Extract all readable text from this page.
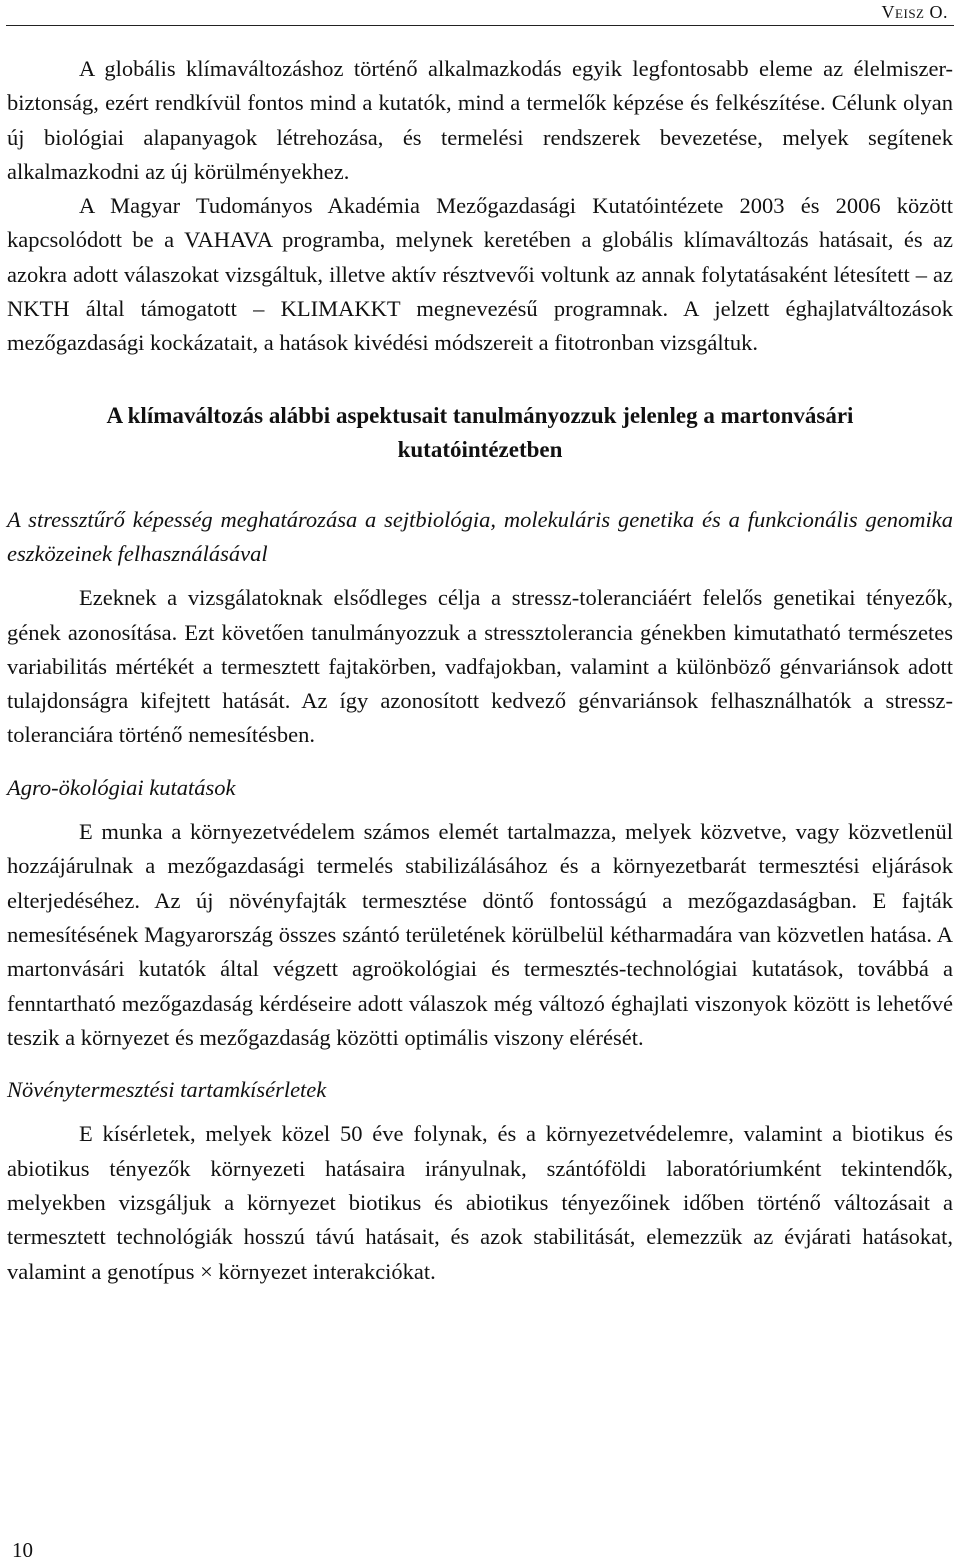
Veisz O.

A globális klímaváltozáshoz történő alkalmazkodás egyik legfontosabb eleme az élelmiszer-biztonság, ezért rendkívül fontos mind a kutatók, mind a termelők képzése és felkészítése. Célunk olyan új biológiai alapanyagok létrehozása, és termelési rendszerek bevezetése, melyek segítenek alkalmazkodni az új körülményekhez.

A Magyar Tudományos Akadémia Mezőgazdasági Kutatóintézete 2003 és 2006 között kapcsolódott be a VAHAVA programba, melynek keretében a globális klímaváltozás hatásait, és az azokra adott válaszokat vizsgáltuk, illetve aktív résztvevői voltunk az annak folytatásaként létesített – az NKTH által támogatott – KLIMAKKT megnevezésű programnak. A jelzett éghajlatváltozások mezőgazdasági kockázatait, a hatások kivédési módszereit a fitotronban vizsgáltuk.

A klímaváltozás alábbi aspektusait tanulmányozzuk jelenleg a martonvásári kutatóintézetben

A stressztűrő képesség meghatározása a sejtbiológia, molekuláris genetika és a funkcionális genomika eszközeinek felhasználásával

Ezeknek a vizsgálatoknak elsődleges célja a stressz-toleranciáért felelős genetikai tényezők, gének azonosítása. Ezt követően tanulmányozzuk a stressztolerancia génekben kimutatható természetes variabilitás mértékét a termesztett fajtakörben, vadfajokban, valamint a különböző génvariánsok adott tulajdonságra kifejtett hatását. Az így azonosított kedvező génvariánsok felhasználhatók a stressz-toleranciára történő nemesítésben.

Agro-ökológiai kutatások

E munka a környezetvédelem számos elemét tartalmazza, melyek közvetve, vagy közvetlenül hozzájárulnak a mezőgazdasági termelés stabilizálásához és a környezetbarát termesztési eljárások elterjedéséhez. Az új növényfajták termesztése döntő fontosságú a mezőgazdaságban. E fajták nemesítésének Magyarország összes szántó területének körülbelül kétharmadára van közvetlen hatása. A martonvásári kutatók által végzett agroökológiai és termesztés-technológiai kutatások, továbbá a fenntartható mezőgazdaság kérdéseire adott válaszok még változó éghajlati viszonyok között is lehetővé teszik a környezet és mezőgazdaság közötti optimális viszony elérését.

Növénytermesztési tartamkísérletek

E kísérletek, melyek közel 50 éve folynak, és a környezetvédelemre, valamint a biotikus és abiotikus tényezők környezeti hatásaira irányulnak, szántóföldi laboratóriumként tekintendők, melyekben vizsgáljuk a környezet biotikus és abiotikus tényezőinek időben történő változásait a termesztett technológiák hosszú távú hatásait, és azok stabilitását, elemezzük az évjárati hatásokat, valamint a genotípus × környezet interakciókat.

10
